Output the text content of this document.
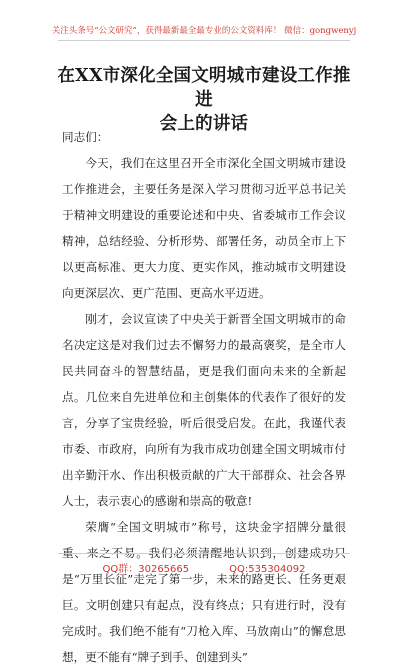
关注头条号“公文研究”，获得最新最全最专业的公文资料库！ 微信：gongwenyj
在XX市深化全国文明城市建设工作推进
会上的讲话

同志们：

今天，我们在这里召开全市深化全国文明城市建设工作推进会，主要任务是深入学习贯彻习近平总书记关于精神文明建设的重要论述和中央、省委城市工作会议精神，总结经验、分析形势、部署任务，动员全市上下以更高标准、更大力度、更实作风，推动城市文明建设向更深层次、更广范围、更高水平迈进。

刚才，会议宣读了中央关于新晋全国文明城市的命名决定这是对我们过去不懈努力的最高褒奖，是全市人民共同奋斗的智慧结晶，更是我们面向未来的全新起点。几位来自先进单位和主创集体的代表作了很好的发言，分享了宝贵经验，听后很受启发。在此，我谨代表市委、市政府，向所有为我市成功创建全国文明城市付出辛勤汗水、作出积极贡献的广大干部群众、社会各界人士，表示衷心的感谢和崇高的敬意!

荣膺“全国文明城市”称号，这块金字招牌分量很重、来之不易。我们必须清醒地认识到，创建成功只是“万里长征”走完了第一步，未来的路更长、任务更艰巨。文明创建只有起点，没有终点；只有进行时，没有完成时。我们绝不能有“刀枪入库、马放南山”的懈怠思想，更不能有“牌子到手、创建到头”

QQ群：30265665	QQ:535304092
